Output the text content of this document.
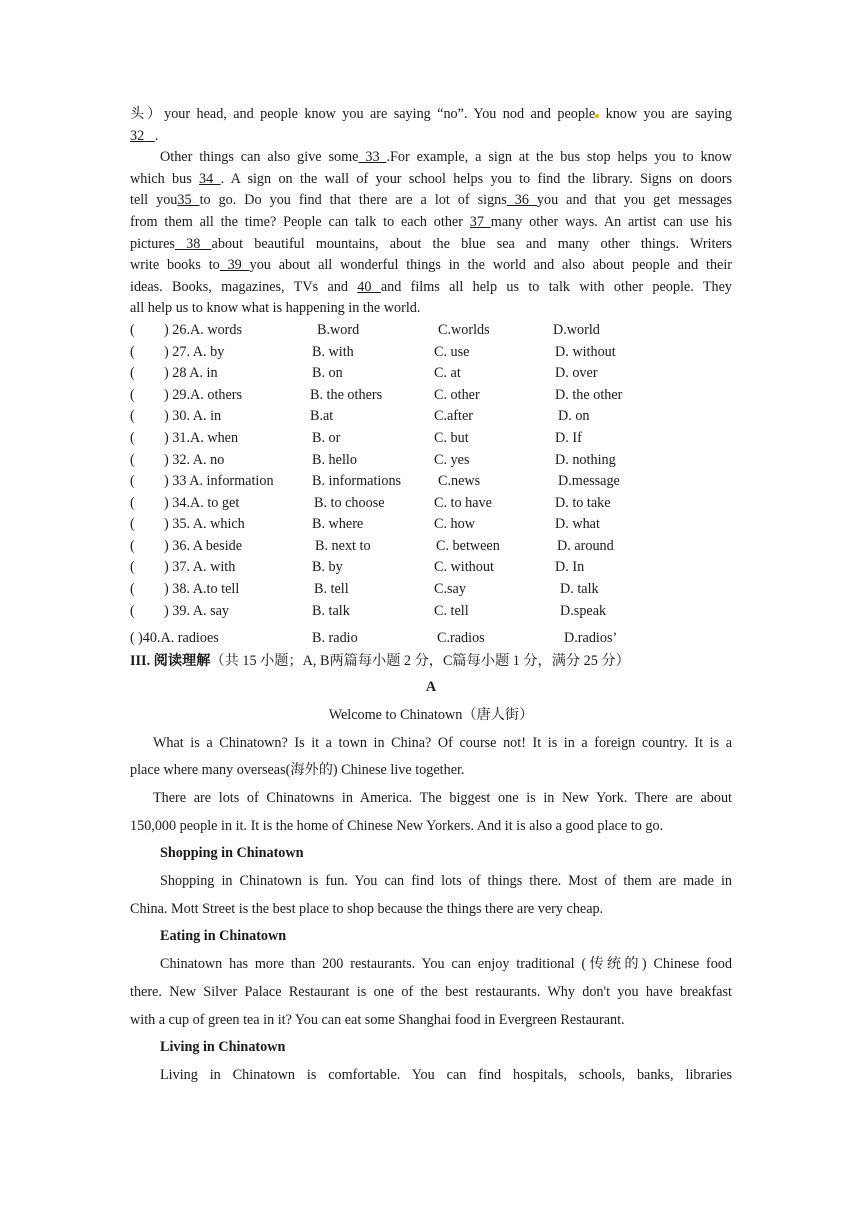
头）your head, and people know you are saying “no”. You nod and people know you are saying

32 .

Other things can also give some 33 .For example, a sign at the bus stop helps you to know

which bus 34 . A sign on the wall of your school helps you to find the library. Signs on doors

tell you35 to go. Do you find that there are a lot of signs 36 you and that you get messages

from them all the time? People can talk to each other 37 many other ways. An artist can use his

pictures 38 about beautiful mountains, about the blue sea and many other things. Writers

write books to 39 you about all wonderful things in the world and also about people and their

ideas. Books, magazines, TVs and 40 and films all help us to talk with other people. They

all help us to know what is happening in the world.

( ) 26.A. words	B.word	C.worlds	D.world
( ) 27. A. by	B. with	C. use	D. without
( ) 28 A. in	B. on	C. at	D. over
( ) 29.A. others	B. the others	C. other	D. the other
( ) 30. A. in	B.at	C.after	D. on
( ) 31.A. when	B. or	C. but	D. If
( ) 32. A. no	B. hello	C. yes	D. nothing
( ) 33 A. information	B. informations	C.news	D.message
( ) 34.A. to get	B. to choose	C. to have	D. to take
( ) 35. A. which	B. where	C. how	D. what
( ) 36. A beside	B. next to	C. between	D. around
( ) 37. A. with	B. by	C. without	D. In
( ) 38. A.to tell	B. tell	C.say	D. talk
( ) 39. A. say	B. talk	C. tell	D.speak
( )40.A. radioes	B. radio	C.radios	D.radios’

III. 阅读理解（共 15 小题；A, B两篇每小题 2 分，C篇每小题 1 分，满分 25 分）

A

Welcome to Chinatown（唐人街）

What is a Chinatown? Is it a town in China? Of course not! It is in a foreign country. It is a

place where many overseas(海外的) Chinese live together.

There are lots of Chinatowns in America. The biggest one is in New York. There are about

150,000 people in it. It is the home of Chinese New Yorkers. And it is also a good place to go.

Shopping in Chinatown

Shopping in Chinatown is fun. You can find lots of things there. Most of them are made in

China. Mott Street is the best place to shop because the things there are very cheap.

Eating in Chinatown

Chinatown has more than 200 restaurants. You can enjoy traditional (传统的) Chinese food

there. New Silver Palace Restaurant is one of the best restaurants. Why don't you have breakfast

with a cup of green tea in it? You can eat some Shanghai food in Evergreen Restaurant.

Living in Chinatown

Living in Chinatown is comfortable. You can find hospitals, schools, banks, libraries
